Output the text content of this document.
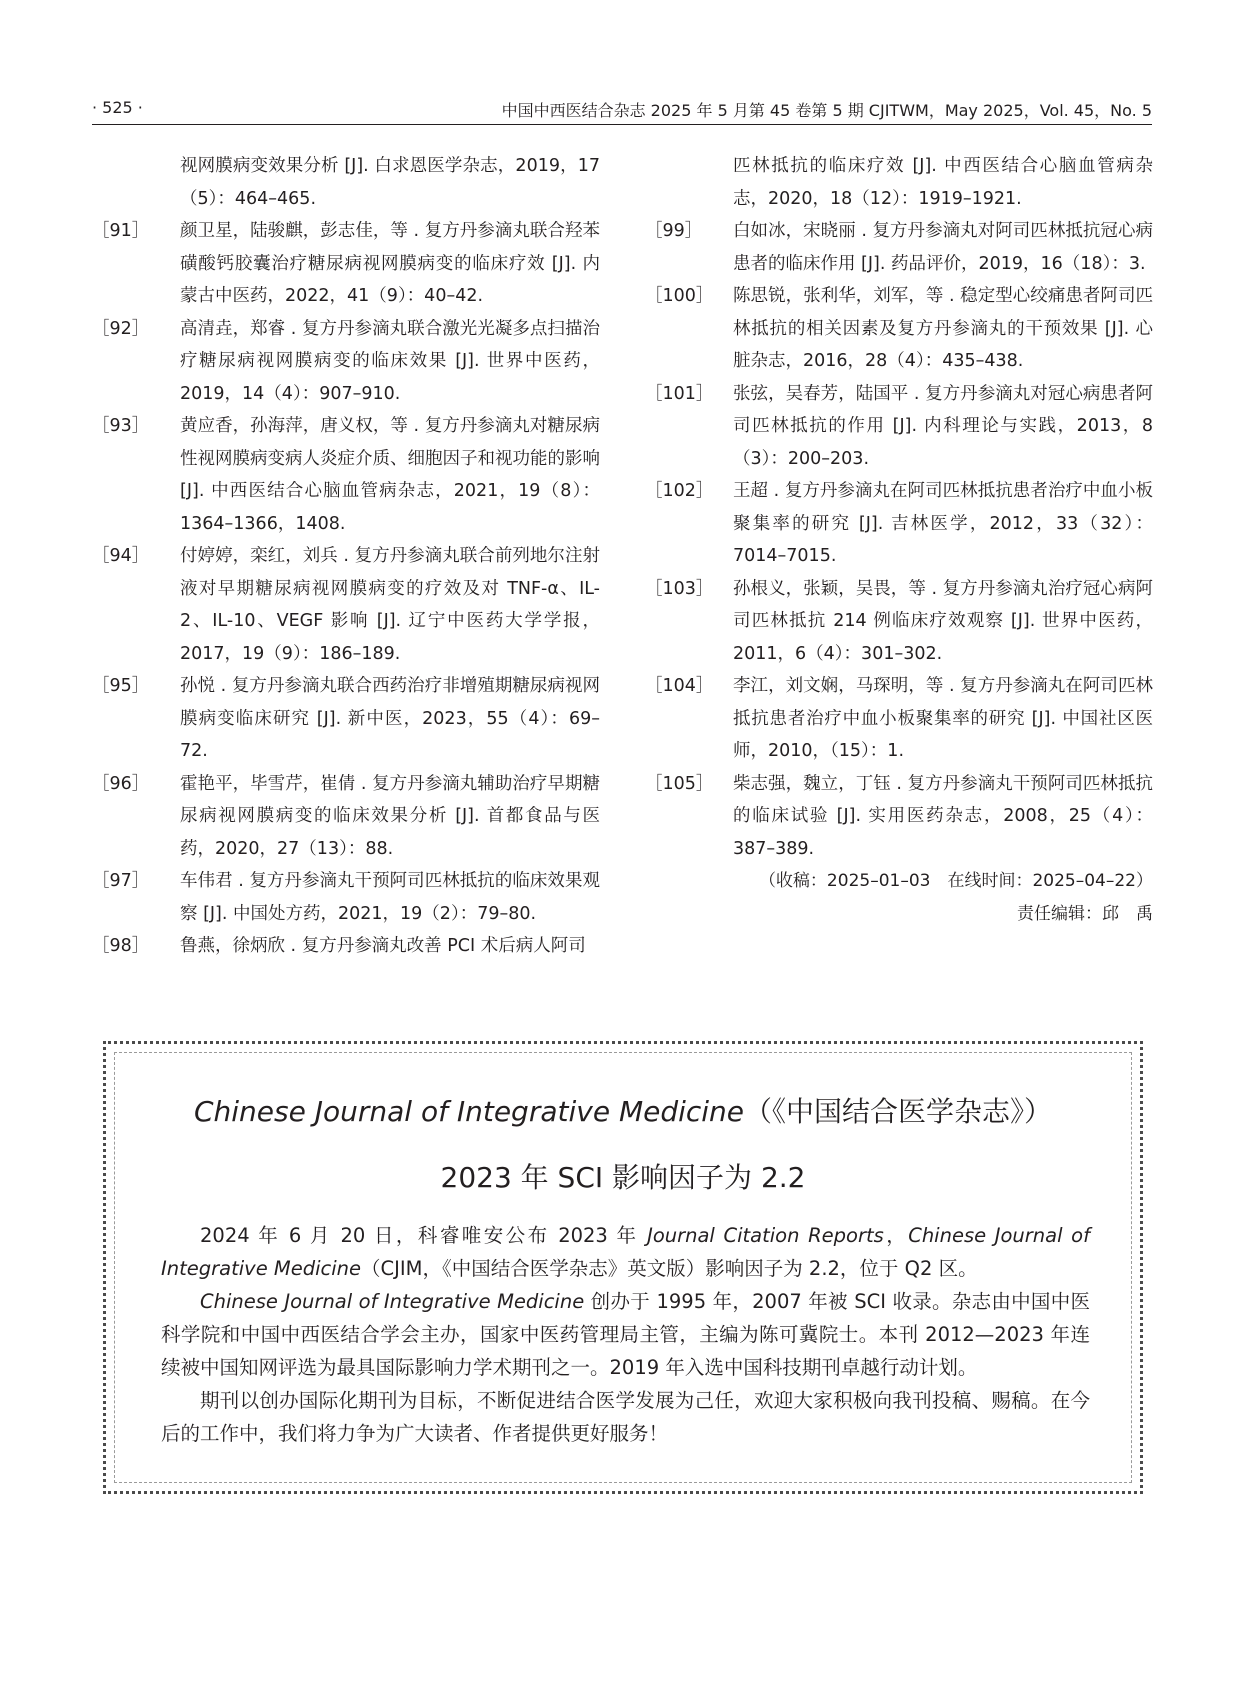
· 525 ·	中国中西医结合杂志 2025 年 5 月第 45 卷第 5 期 CJITWM，May 2025，Vol. 45，No. 5
视网膜病变效果分析 [J]. 白求恩医学杂志，2019，17（5）：464–465.
［91］ 颜卫星，陆骏麒，彭志佳，等 . 复方丹参滴丸联合羟苯磺酸钙胶囊治疗糖尿病视网膜病变的临床疗效 [J]. 内蒙古中医药，2022，41（9）：40–42.
［92］ 高清垚，郑睿 . 复方丹参滴丸联合激光光凝多点扫描治疗糖尿病视网膜病变的临床效果 [J]. 世界中医药，2019，14（4）：907–910.
［93］ 黄应香，孙海萍，唐义权，等 . 复方丹参滴丸对糖尿病性视网膜病变病人炎症介质、细胞因子和视功能的影响 [J]. 中西医结合心脑血管病杂志，2021，19（8）：1364–1366，1408.
［94］ 付婷婷，栾红，刘兵 . 复方丹参滴丸联合前列地尔注射液对早期糖尿病视网膜病变的疗效及对 TNF-α、IL-2、IL-10、VEGF 影响 [J]. 辽宁中医药大学学报，2017，19（9）：186–189.
［95］ 孙悦 . 复方丹参滴丸联合西药治疗非增殖期糖尿病视网膜病变临床研究 [J]. 新中医，2023，55（4）：69–72.
［96］ 霍艳平，毕雪芹，崔倩 . 复方丹参滴丸辅助治疗早期糖尿病视网膜病变的临床效果分析 [J]. 首都食品与医药，2020，27（13）：88.
［97］ 车伟君 . 复方丹参滴丸干预阿司匹林抵抗的临床效果观察 [J]. 中国处方药，2021，19（2）：79–80.
［98］ 鲁燕，徐炳欣 . 复方丹参滴丸改善 PCI 术后病人阿司
匹林抵抗的临床疗效 [J]. 中西医结合心脑血管病杂志，2020，18（12）：1919–1921.
［99］ 白如冰，宋晓丽 . 复方丹参滴丸对阿司匹林抵抗冠心病患者的临床作用 [J]. 药品评价，2019，16（18）：3.
［100］ 陈思锐，张利华，刘军，等 . 稳定型心绞痛患者阿司匹林抵抗的相关因素及复方丹参滴丸的干预效果 [J]. 心脏杂志，2016，28（4）：435–438.
［101］ 张弦，吴春芳，陆国平 . 复方丹参滴丸对冠心病患者阿司匹林抵抗的作用 [J]. 内科理论与实践，2013，8（3）：200–203.
［102］ 王超 . 复方丹参滴丸在阿司匹林抵抗患者治疗中血小板聚集率的研究 [J]. 吉林医学，2012，33（32）：7014–7015.
［103］ 孙根义，张颖，吴畏，等 . 复方丹参滴丸治疗冠心病阿司匹林抵抗 214 例临床疗效观察 [J]. 世界中医药，2011，6（4）：301–302.
［104］ 李江，刘文娴，马琛明，等 . 复方丹参滴丸在阿司匹林抵抗患者治疗中血小板聚集率的研究 [J]. 中国社区医师，2010，（15）：1.
［105］ 柴志强，魏立，丁钰 . 复方丹参滴丸干预阿司匹林抵抗的临床试验 [J]. 实用医药杂志，2008，25（4）：387–389.
（收稿：2025–01–03　在线时间：2025–04–22）
责任编辑：邱　禹
Chinese Journal of Integrative Medicine（《中国结合医学杂志》）
2023 年 SCI 影响因子为 2.2

2024 年 6 月 20 日，科睿唯安公布 2023 年 Journal Citation Reports，Chinese Journal of Integrative Medicine（CJIM，《中国结合医学杂志》英文版）影响因子为 2.2，位于 Q2 区。

Chinese Journal of Integrative Medicine 创办于 1995 年，2007 年被 SCI 收录。杂志由中国中医科学院和中国中西医结合学会主办，国家中医药管理局主管，主编为陈可冀院士。本刊 2012—2023 年连续被中国知网评选为最具国际影响力学术期刊之一。2019 年入选中国科技期刊卓越行动计划。

期刊以创办国际化期刊为目标，不断促进结合医学发展为己任，欢迎大家积极向我刊投稿、赐稿。在今后的工作中，我们将力争为广大读者、作者提供更好服务！
